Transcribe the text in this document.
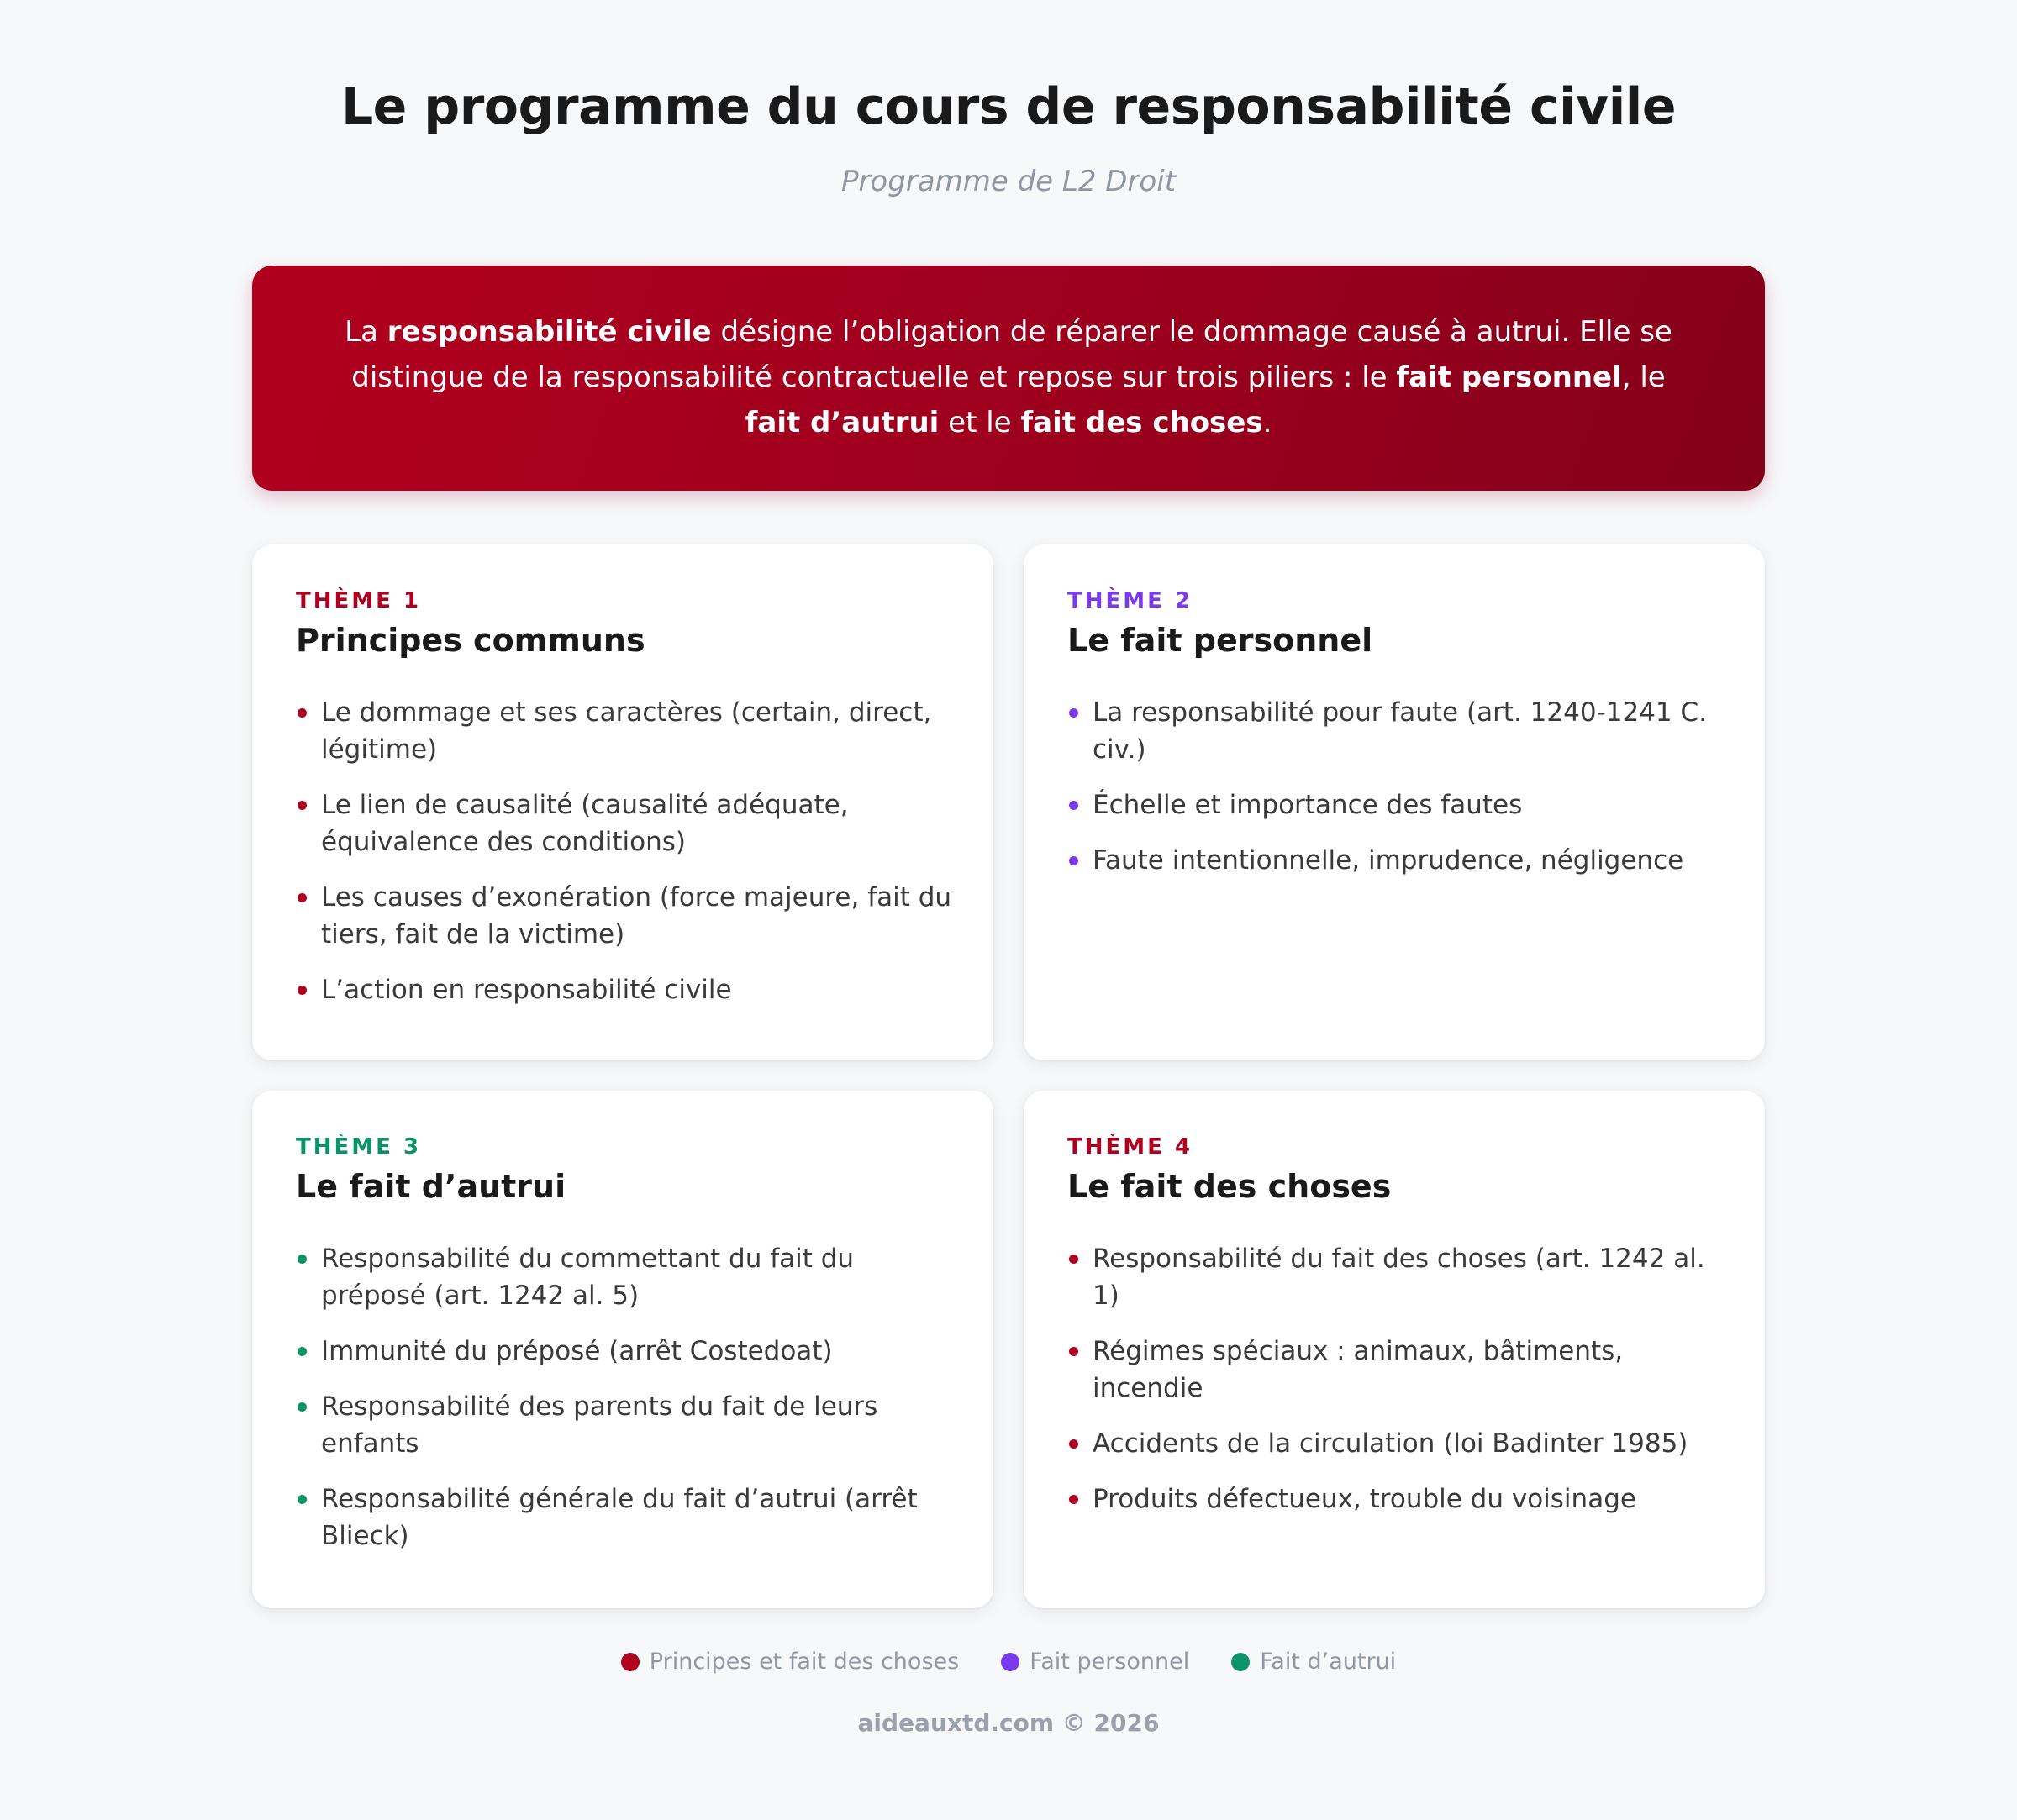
Le programme du cours de responsabilité civile
Programme de L2 Droit
La responsabilité civile désigne l’obligation de réparer le dommage causé à autrui. Elle se distingue de la responsabilité contractuelle et repose sur trois piliers : le fait personnel, le fait d’autrui et le fait des choses.
THÈME 1
Principes communs
Le dommage et ses caractères (certain, direct, légitime)
Le lien de causalité (causalité adéquate, équivalence des conditions)
Les causes d’exonération (force majeure, fait du tiers, fait de la victime)
L’action en responsabilité civile
THÈME 2
Le fait personnel
La responsabilité pour faute (art. 1240-1241 C. civ.)
Échelle et importance des fautes
Faute intentionnelle, imprudence, négligence
THÈME 3
Le fait d’autrui
Responsabilité du commettant du fait du préposé (art. 1242 al. 5)
Immunité du préposé (arrêt Costedoat)
Responsabilité des parents du fait de leurs enfants
Responsabilité générale du fait d’autrui (arrêt Blieck)
THÈME 4
Le fait des choses
Responsabilité du fait des choses (art. 1242 al. 1)
Régimes spéciaux : animaux, bâtiments, incendie
Accidents de la circulation (loi Badinter 1985)
Produits défectueux, trouble du voisinage
Principes et fait des choses	Fait personnel	Fait d’autrui
aideauxtd.com © 2026
